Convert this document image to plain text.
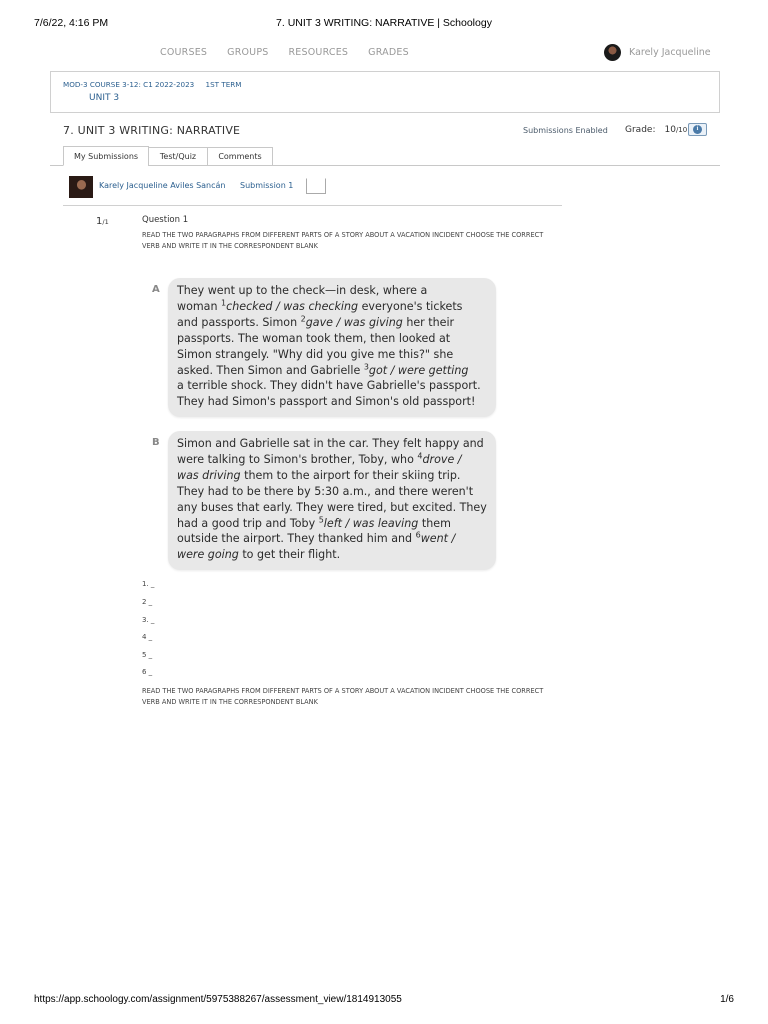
7/6/22, 4:16 PM	7. UNIT 3 WRITING: NARRATIVE | Schoology
COURSES GROUPS RESOURCES GRADES	Karely Jacqueline
MOD-3 COURSE 3-12: C1 2022-2023 1ST TERM
UNIT 3
7. UNIT 3 WRITING: NARRATIVE	Submissions Enabled Grade: 10/10	i
My Submissions	Test/Quiz	Comments
Karely Jacqueline Aviles Sancán Submission 1
1/1	Question 1
READ THE TWO PARAGRAPHS FROM DIFFERENT PARTS OF A STORY ABOUT A VACATION INCIDENT CHOOSE THE CORRECT VERB AND WRITE IT IN THE CORRESPONDENT BLANK
A They went up to the check—in desk, where a
woman $^1$checked / was checking everyone's tickets
and passports. Simon $^2$gave / was giving her their
passports. The woman took them, then looked at
Simon strangely. "Why did you give me this?" she
asked. Then Simon and Gabrielle $^3$got / were getting
a terrible shock. They didn't have Gabrielle's passport.
They had Simon's passport and Simon's old passport!
B Simon and Gabrielle sat in the car. They felt happy and
were talking to Simon's brother, Toby, who $^4$drove /
was driving them to the airport for their skiing trip.
They had to be there by 5:30 a.m., and there weren't
any buses that early. They were tired, but excited. They
had a good trip and Toby $^5$left / was leaving them
outside the airport. They thanked him and $^6$went /
were going to get their flight.
1. _
2 _
3. _
4 _
5 _
6 _
READ THE TWO PARAGRAPHS FROM DIFFERENT PARTS OF A STORY ABOUT A VACATION INCIDENT CHOOSE THE CORRECT VERB AND WRITE IT IN THE CORRESPONDENT BLANK
https://app.schoology.com/assignment/5975388267/assessment_view/1814913055	1/6
